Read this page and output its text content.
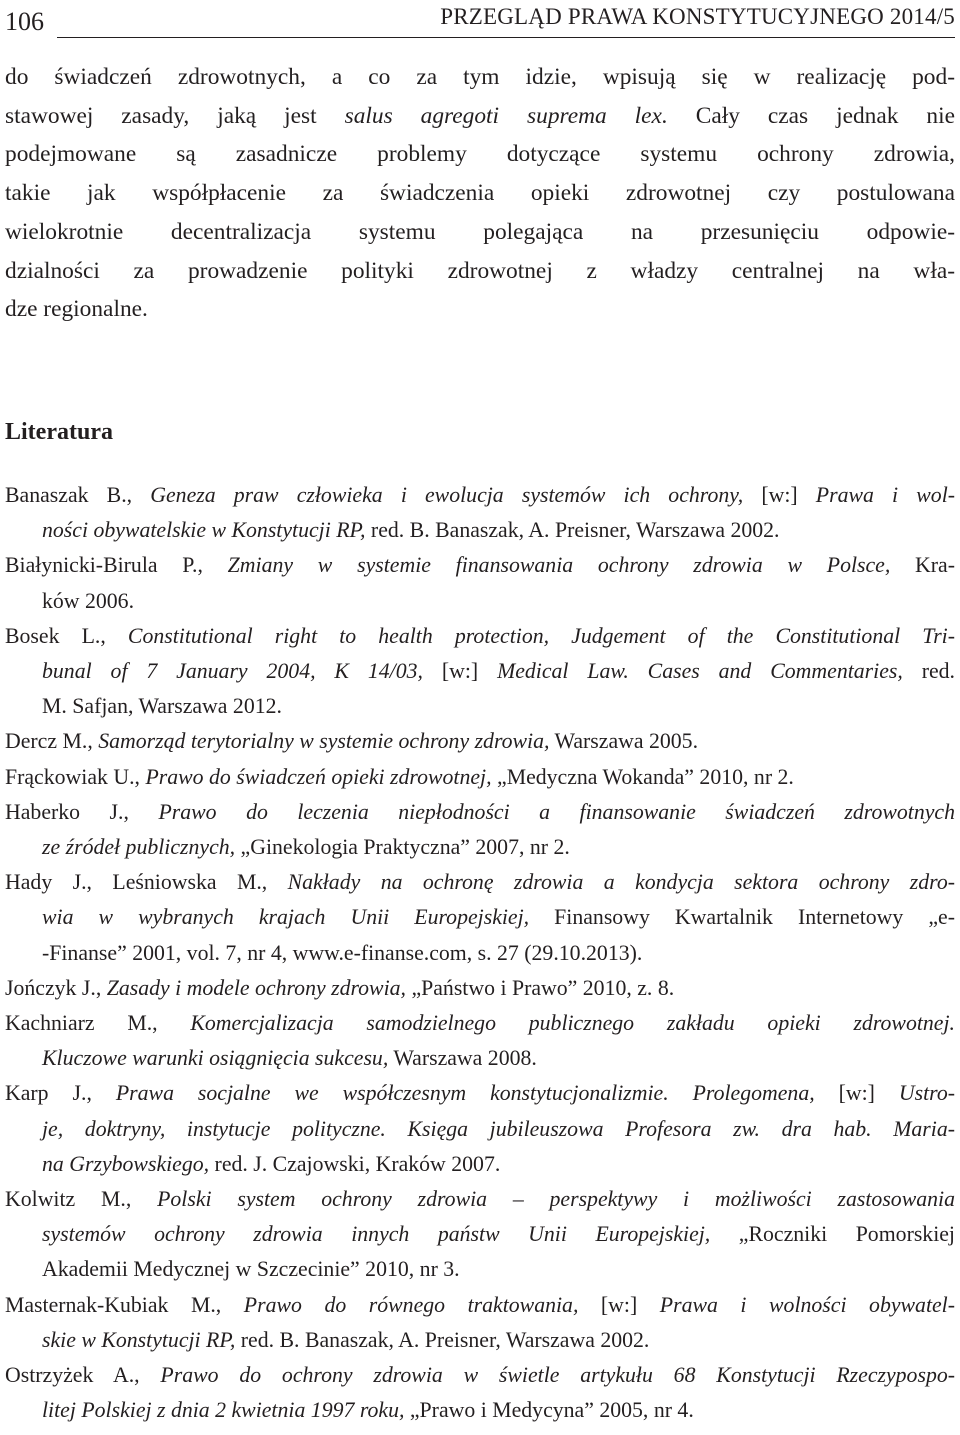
106	PRZEGLĄD PRAWA KONSTYTUCYJNEGO 2014/5
do świadczeń zdrowotnych, a co za tym idzie, wpisują się w realizację pod-
stawowej zasady, jaką jest salus agregoti suprema lex. Cały czas jednak nie
podejmowane są zasadnicze problemy dotyczące systemu ochrony zdrowia,
takie jak współpłacenie za świadczenia opieki zdrowotnej czy postulowana
wielokrotnie decentralizacja systemu polegająca na przesunięciu odpowie-
dzialności za prowadzenie polityki zdrowotnej z władzy centralnej na wła-
dze regionalne.
Literatura

Banaszak B., Geneza praw człowieka i ewolucja systemów ich ochrony, [w:] Prawa i wol-
ności obywatelskie w Konstytucji RP, red. B. Banaszak, A. Preisner, Warszawa 2002.

Białynicki-Birula P., Zmiany w systemie finansowania ochrony zdrowia w Polsce, Kra-
ków 2006.

Bosek L., Constitutional right to health protection, Judgement of the Constitutional Tri-
bunal of 7 January 2004, K 14/03, [w:] Medical Law. Cases and Commentaries, red.
M. Safjan, Warszawa 2012.

Dercz M., Samorząd terytorialny w systemie ochrony zdrowia, Warszawa 2005.

Frąckowiak U., Prawo do świadczeń opieki zdrowotnej, „Medyczna Wokanda” 2010, nr 2.

Haberko J., Prawo do leczenia niepłodności a finansowanie świadczeń zdrowotnych
ze źródeł publicznych, „Ginekologia Praktyczna” 2007, nr 2.

Hady J., Leśniowska M., Nakłady na ochronę zdrowia a kondycja sektora ochrony zdro-
wia w wybranych krajach Unii Europejskiej, Finansowy Kwartalnik Internetowy „e-
-Finanse” 2001, vol. 7, nr 4, www.e-finanse.com, s. 27 (29.10.2013).

Jończyk J., Zasady i modele ochrony zdrowia, „Państwo i Prawo” 2010, z. 8.

Kachniarz M., Komercjalizacja samodzielnego publicznego zakładu opieki zdrowotnej.
Kluczowe warunki osiągnięcia sukcesu, Warszawa 2008.

Karp J., Prawa socjalne we współczesnym konstytucjonalizmie. Prolegomena, [w:] Ustro-
je, doktryny, instytucje polityczne. Księga jubileuszowa Profesora zw. dra hab. Maria-
na Grzybowskiego, red. J. Czajowski, Kraków 2007.

Kolwitz M., Polski system ochrony zdrowia – perspektywy i możliwości zastosowania
systemów ochrony zdrowia innych państw Unii Europejskiej, „Roczniki Pomorskiej
Akademii Medycznej w Szczecinie” 2010, nr 3.

Masternak-Kubiak M., Prawo do równego traktowania, [w:] Prawa i wolności obywatel-
skie w Konstytucji RP, red. B. Banaszak, A. Preisner, Warszawa 2002.

Ostrzyżek A., Prawo do ochrony zdrowia w świetle artykułu 68 Konstytucji Rzeczypospo-
litej Polskiej z dnia 2 kwietnia 1997 roku, „Prawo i Medycyna” 2005, nr 4.
